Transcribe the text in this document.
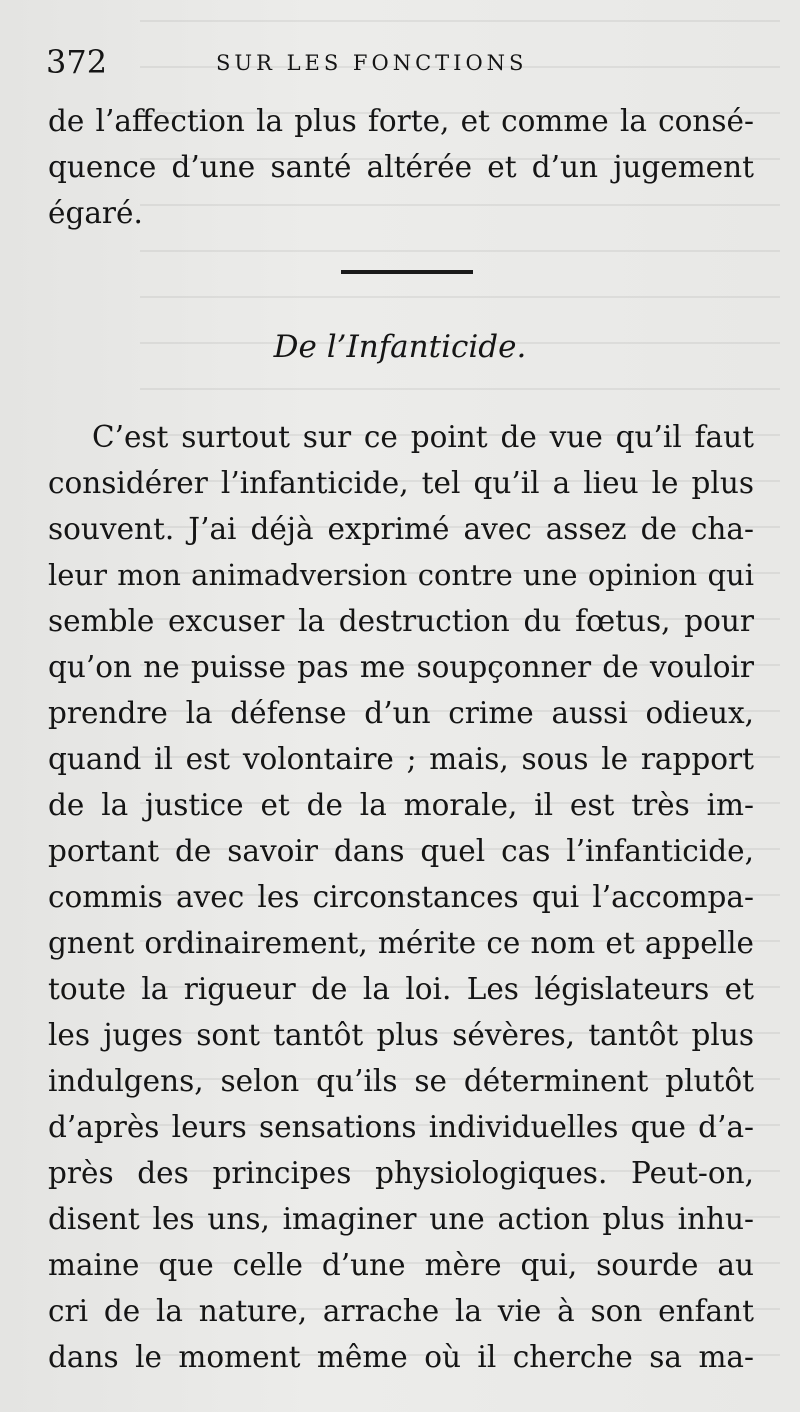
372	SUR LES FONCTIONS
de l’affection la plus forte, et comme la consé-
quence d’une santé altérée et d’un jugement
égaré.
De l’Infanticide.
C’est surtout sur ce point de vue qu’il faut
considérer l’infanticide, tel qu’il a lieu le plus
souvent. J’ai déjà exprimé avec assez de cha-
leur mon animadversion contre une opinion qui
semble excuser la destruction du fœtus, pour
qu’on ne puisse pas me soupçonner de vouloir
prendre la défense d’un crime aussi odieux,
quand il est volontaire ; mais, sous le rapport
de la justice et de la morale, il est très im-
portant de savoir dans quel cas l’infanticide,
commis avec les circonstances qui l’accompa-
gnent ordinairement, mérite ce nom et appelle
toute la rigueur de la loi. Les législateurs et
les juges sont tantôt plus sévères, tantôt plus
indulgens, selon qu’ils se déterminent plutôt
d’après leurs sensations individuelles que d’a-
près des principes physiologiques. Peut-on,
disent les uns, imaginer une action plus inhu-
maine que celle d’une mère qui, sourde au
cri de la nature, arrache la vie à son enfant
dans le moment même où il cherche sa ma-
